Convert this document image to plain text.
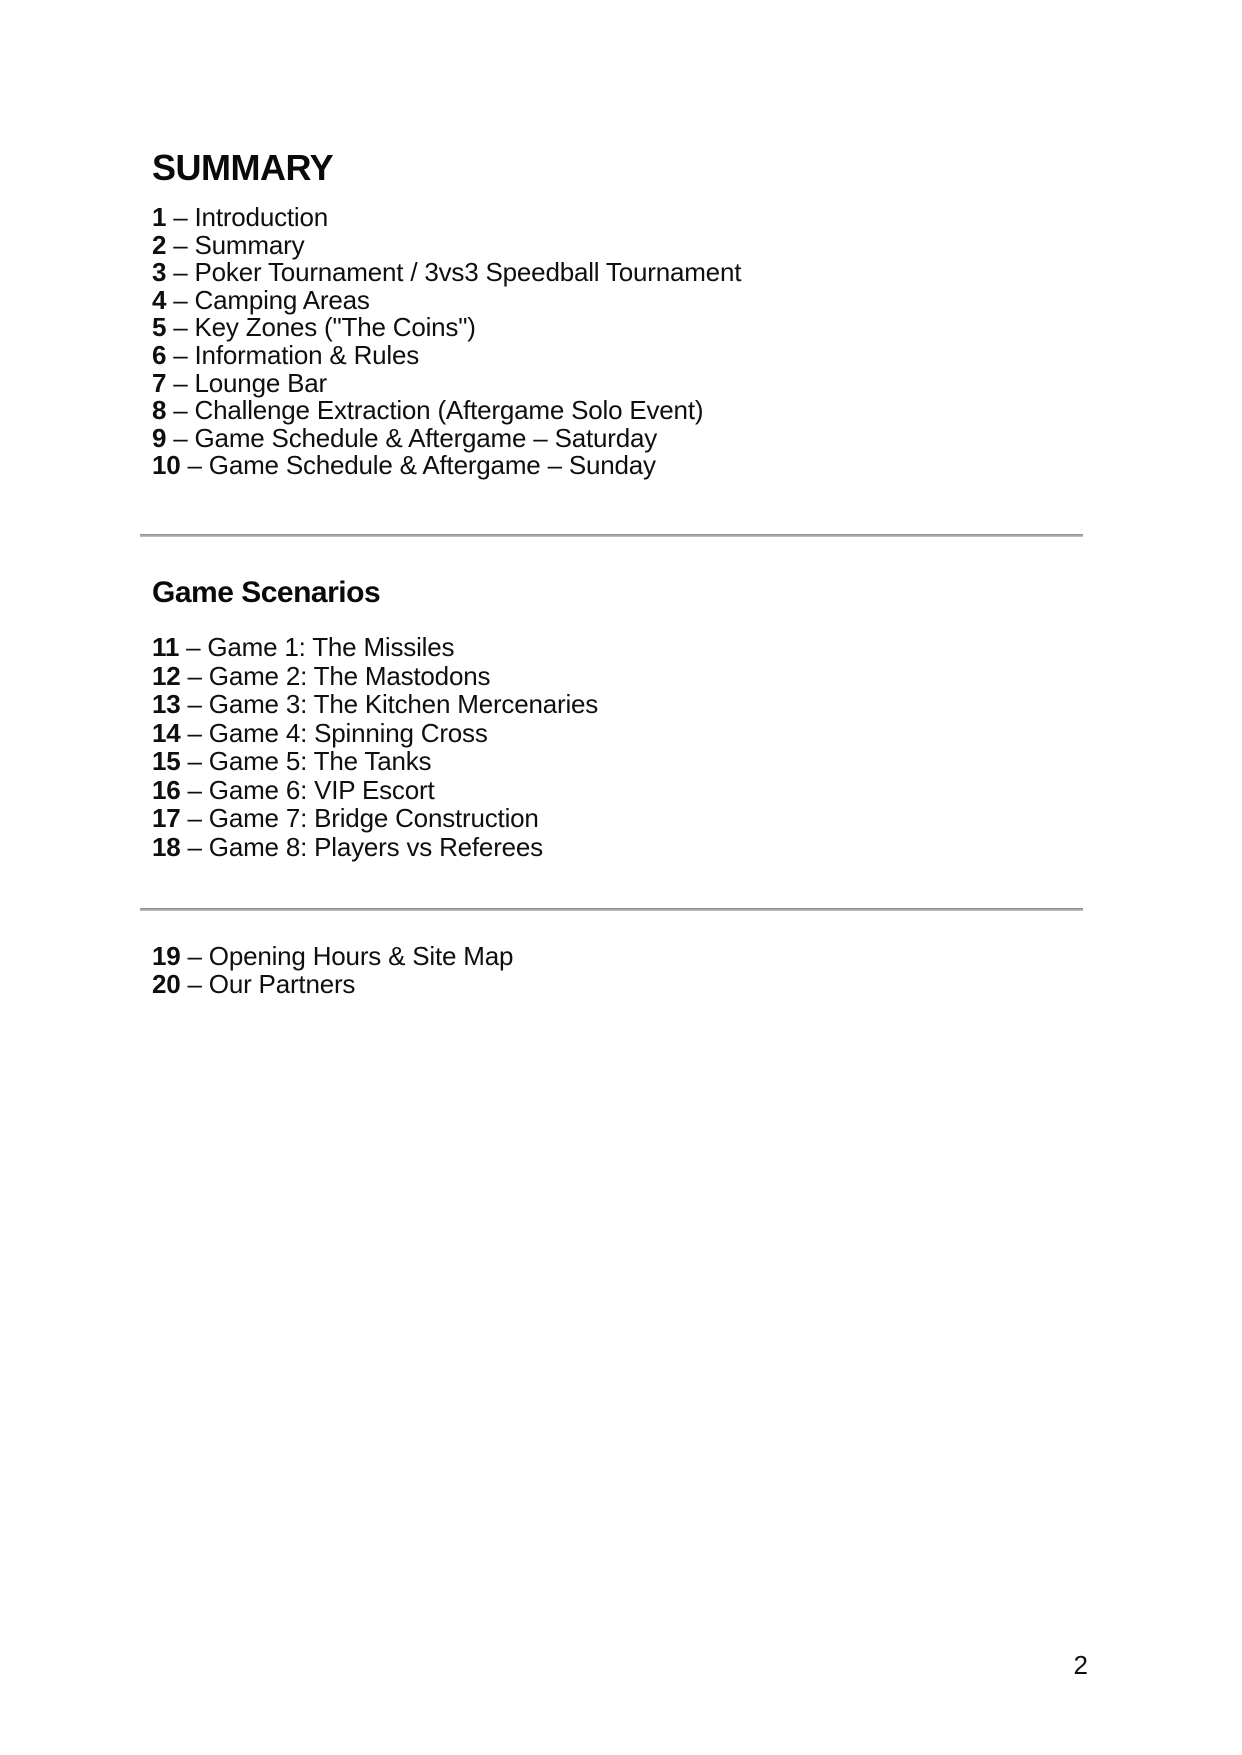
SUMMARY
1 – Introduction
2 – Summary
3 – Poker Tournament / 3vs3 Speedball Tournament
4 – Camping Areas
5 – Key Zones ("The Coins")
6 – Information & Rules
7 – Lounge Bar
8 – Challenge Extraction (Aftergame Solo Event)
9 – Game Schedule & Aftergame – Saturday
10 – Game Schedule & Aftergame – Sunday
Game Scenarios
11 – Game 1: The Missiles
12 – Game 2: The Mastodons
13 – Game 3: The Kitchen Mercenaries
14 – Game 4: Spinning Cross
15 – Game 5: The Tanks
16 – Game 6: VIP Escort
17 – Game 7: Bridge Construction
18 – Game 8: Players vs Referees
19 – Opening Hours & Site Map
20 – Our Partners
2
